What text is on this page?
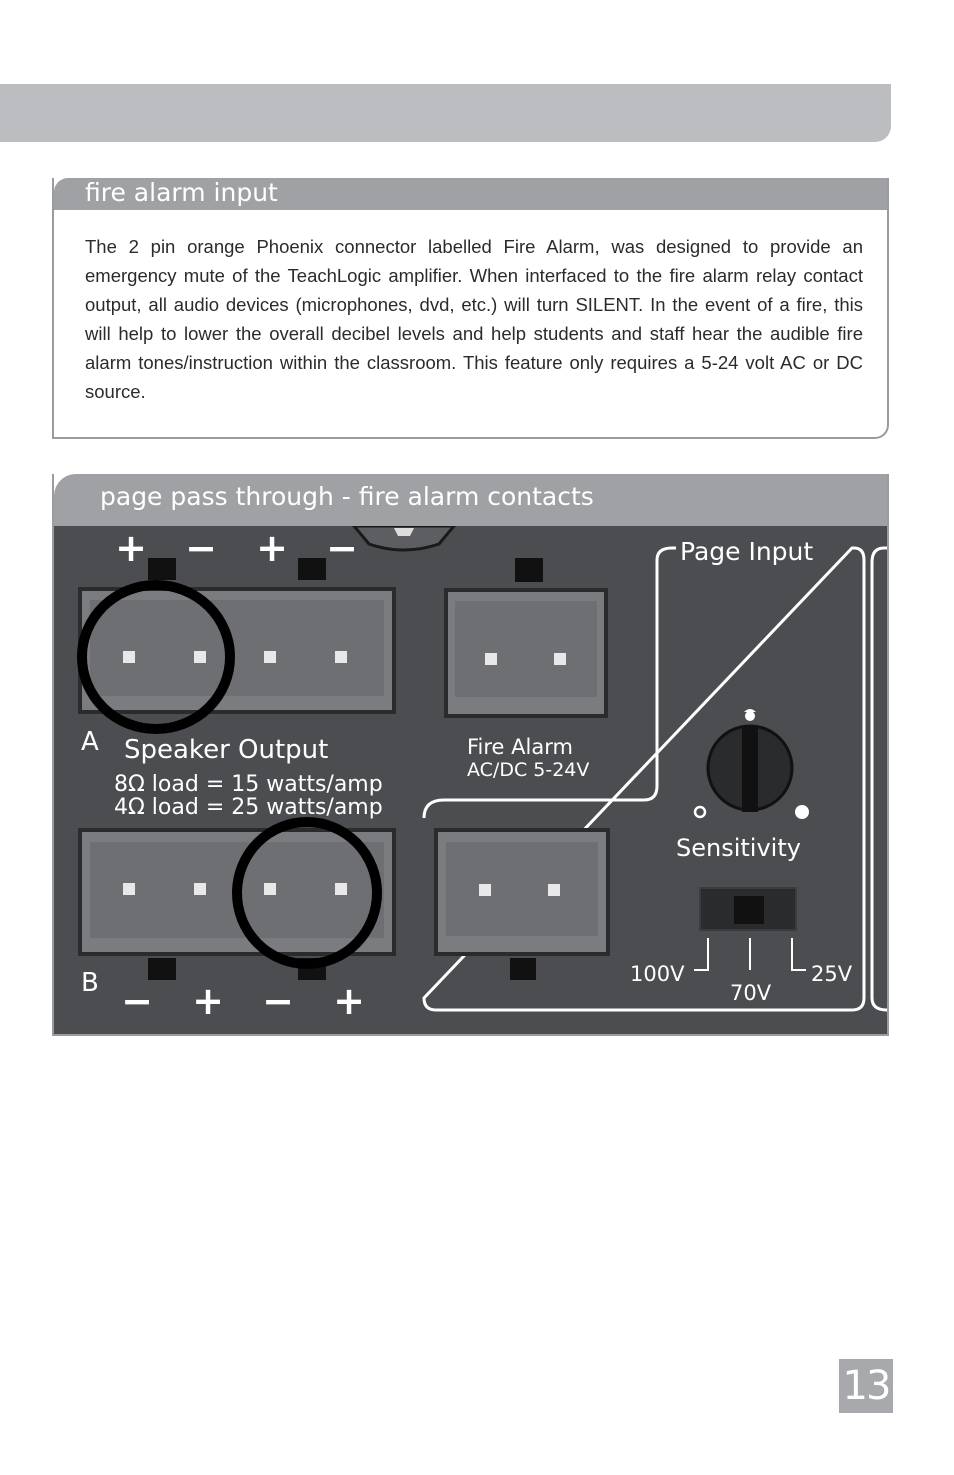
fire alarm input
The 2 pin orange Phoenix connector labelled Fire Alarm, was designed to provide an emergency mute of the TeachLogic amplifier. When interfaced to the fire alarm relay contact output, all audio devices (microphones, dvd, etc.) will turn SILENT. In the event of a fire, this will help to lower the overall decibel levels and help students and staff hear the audible fire alarm tones/instruction within the classroom. This feature only requires a 5-24 volt AC or DC source.
page pass through - fire alarm contacts
+ − + −
A Speaker Output
8Ω load = 15 watts/amp
4Ω load = 25 watts/amp
B − + − +
Fire Alarm
AC/DC 5-24V
Page Input
Sensitivity
100V
70V
25V
13
